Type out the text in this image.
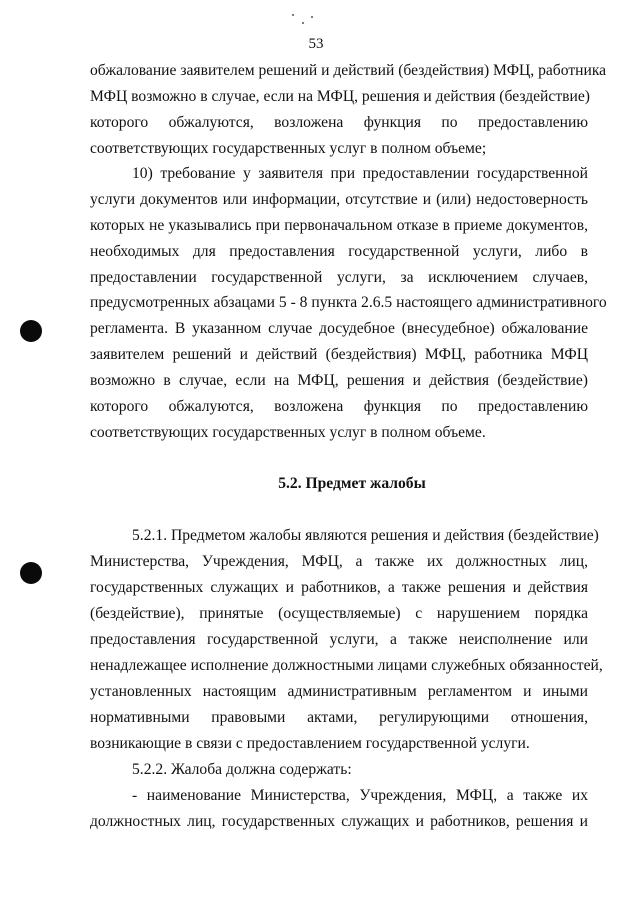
53
обжалование заявителем решений и действий (бездействия) МФЦ, работника
МФЦ возможно в случае, если на МФЦ, решения и действия (бездействие)
которого обжалуются, возложена функция по предоставлению
соответствующих государственных услуг в полном объеме;
10) требование у заявителя при предоставлении государственной
услуги документов или информации, отсутствие и (или) недостоверность
которых не указывались при первоначальном отказе в приеме документов,
необходимых для предоставления государственной услуги, либо в
предоставлении государственной услуги, за исключением случаев,
предусмотренных абзацами 5 - 8 пункта 2.6.5 настоящего административного
регламента. В указанном случае досудебное (внесудебное) обжалование
заявителем решений и действий (бездействия) МФЦ, работника МФЦ
возможно в случае, если на МФЦ, решения и действия (бездействие)
которого обжалуются, возложена функция по предоставлению
соответствующих государственных услуг в полном объеме.
5.2. Предмет жалобы
5.2.1. Предметом жалобы являются решения и действия (бездействие)
Министерства, Учреждения, МФЦ, а также их должностных лиц,
государственных служащих и работников, а также решения и действия
(бездействие), принятые (осуществляемые) с нарушением порядка
предоставления государственной услуги, а также неисполнение или
ненадлежащее исполнение должностными лицами служебных обязанностей,
установленных настоящим административным регламентом и иными
нормативными правовыми актами, регулирующими отношения,
возникающие в связи с предоставлением государственной услуги.
5.2.2. Жалоба должна содержать:
- наименование Министерства, Учреждения, МФЦ, а также их
должностных лиц, государственных служащих и работников, решения и
